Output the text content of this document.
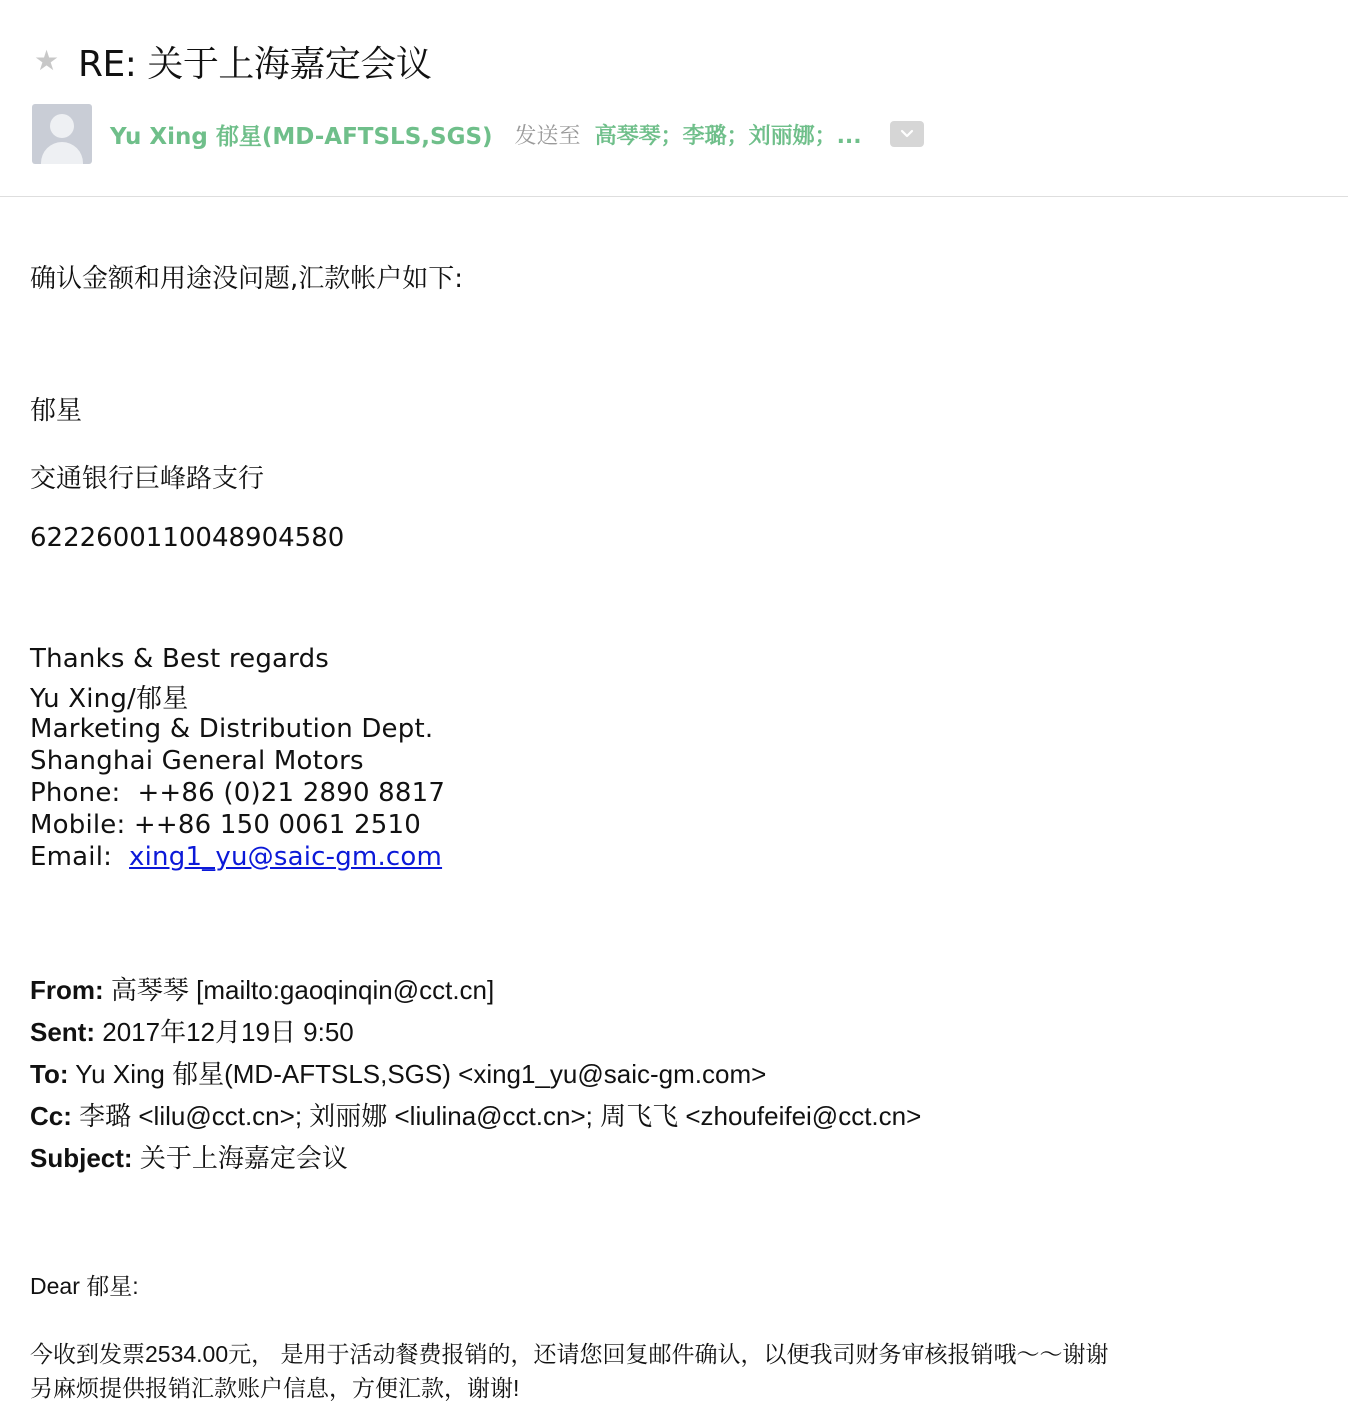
★ RE: 关于上海嘉定会议
Yu Xing 郁星(MD-AFTSLS,SGS) 发送至 高琴琴；李璐；刘丽娜；...
确认金额和用途没问题,汇款帐户如下:
郁星
交通银行巨峰路支行
6222600110048904580
Thanks & Best regards
Yu Xing/郁星
Marketing & Distribution Dept.
Shanghai General Motors
Phone: ++86 (0)21 2890 8817
Mobile: ++86 150 0061 2510
Email: xing1_yu@saic-gm.com
From: 高琴琴 [mailto:gaoqinqin@cct.cn]
Sent: 2017年12月19日 9:50
To: Yu Xing 郁星(MD-AFTSLS,SGS) <xing1_yu@saic-gm.com>
Cc: 李璐 <lilu@cct.cn>; 刘丽娜 <liulina@cct.cn>; 周飞飞 <zhoufeifei@cct.cn>
Subject: 关于上海嘉定会议
Dear 郁星:
今收到发票2534.00元， 是用于活动餐费报销的，还请您回复邮件确认，以便我司财务审核报销哦～～谢谢
另麻烦提供报销汇款账户信息，方便汇款，谢谢!
